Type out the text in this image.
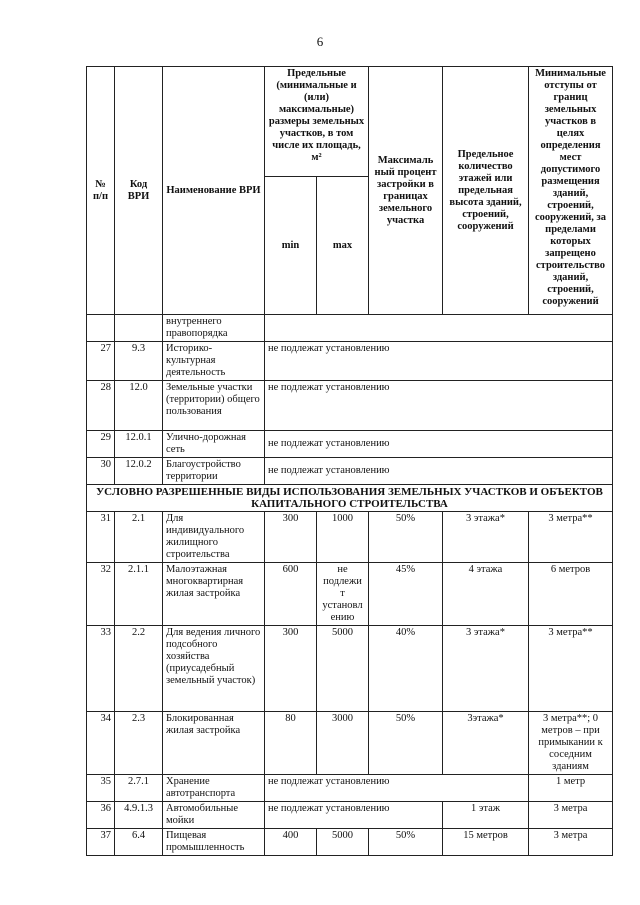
6
№ п/п	Код ВРИ	Наименование ВРИ	Предельные (минимальные и (или) максимальные) размеры земельных участков, в том числе их площадь, м²		Максималь ный процент застройки в границах земельного участка	Предельное количество этажей или предельная высота зданий, строений, сооружений	Минимальные отступы от границ земельных участков в целях определения мест допустимого размещения зданий, строений, сооружений, за пределами которых запрещено строительство зданий, строений, сооружений
			min	max			
		внутреннего правопорядка					
27	9.3	Историко-культурная деятельность	не подлежат установлению				
28	12.0	Земельные участки (территории) общего пользования	не подлежат установлению				
29	12.0.1	Улично-дорожная сеть	не подлежат установлению				
30	12.0.2	Благоустройство территории	не подлежат установлению				
УСЛОВНО РАЗРЕШЕННЫЕ ВИДЫ ИСПОЛЬЗОВАНИЯ ЗЕМЕЛЬНЫХ УЧАСТКОВ И ОБЪЕКТОВ КАПИТАЛЬНОГО СТРОИТЕЛЬСТВА							
31	2.1	Для индивидуального жилищного строительства	300	1000	50%	3 этажа*	3 метра**
32	2.1.1	Малоэтажная многоквартирная жилая застройка	600	не подлежи т установл ению	45%	4 этажа	6 метров
33	2.2	Для ведения личного подсобного хозяйства (приусадебный земельный участок)	300	5000	40%	3 этажа*	3 метра**
34	2.3	Блокированная жилая застройка	80	3000	50%	3этажа*	3 метра**; 0 метров – при примыкании к соседним зданиям
35	2.7.1	Хранение автотранспорта	не подлежат установлению				1 метр
36	4.9.1.3	Автомобильные мойки	не подлежат установлению			1 этаж	3 метра
37	6.4	Пищевая промышленность	400	5000	50%	15 метров	3 метра
